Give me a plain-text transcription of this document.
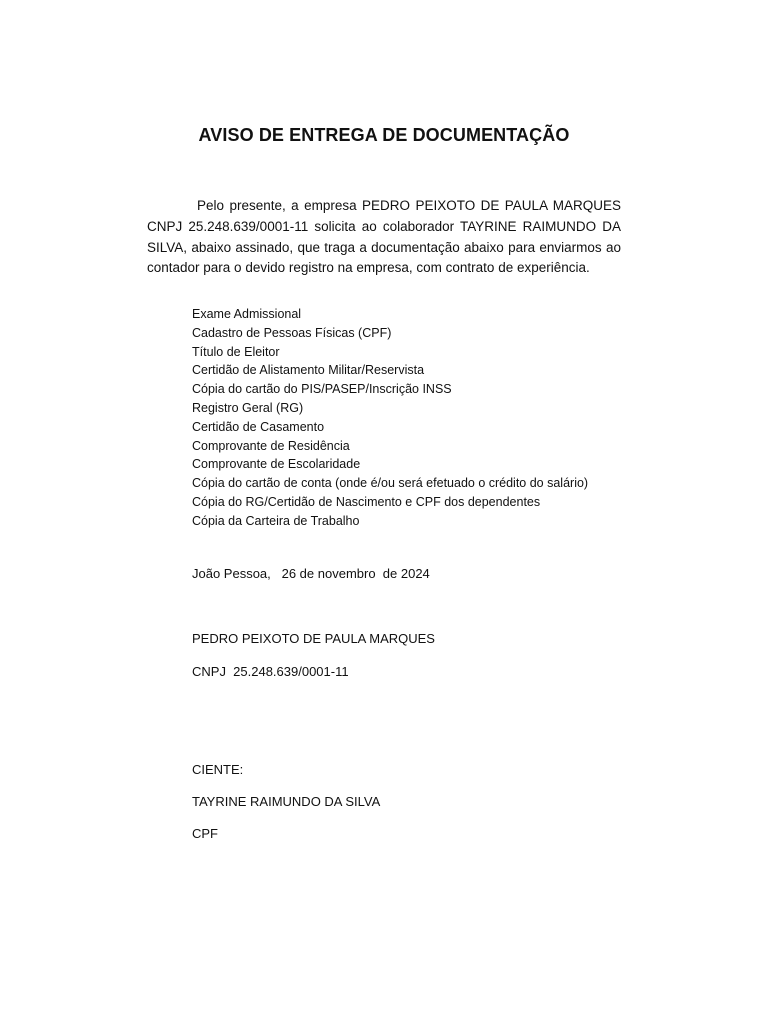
AVISO DE ENTREGA DE DOCUMENTAÇÃO

Pelo presente, a empresa PEDRO PEIXOTO DE PAULA MARQUES CNPJ 25.248.639/0001-11 solicita ao colaborador TAYRINE RAIMUNDO DA SILVA, abaixo assinado, que traga a documentação abaixo para enviarmos ao contador para o devido registro na empresa, com contrato de experiência.

Exame Admissional
Cadastro de Pessoas Físicas (CPF)
Título de Eleitor
Certidão de Alistamento Militar/Reservista
Cópia do cartão do PIS/PASEP/Inscrição INSS
Registro Geral (RG)
Certidão de Casamento
Comprovante de Residência
Comprovante de Escolaridade
Cópia do cartão de conta (onde é/ou será efetuado o crédito do salário)
Cópia do RG/Certidão de Nascimento e CPF dos dependentes
Cópia da Carteira de Trabalho
João Pessoa,   26 de novembro  de 2024
PEDRO PEIXOTO DE PAULA MARQUES
CNPJ  25.248.639/0001-11
CIENTE:
TAYRINE RAIMUNDO DA SILVA
CPF
